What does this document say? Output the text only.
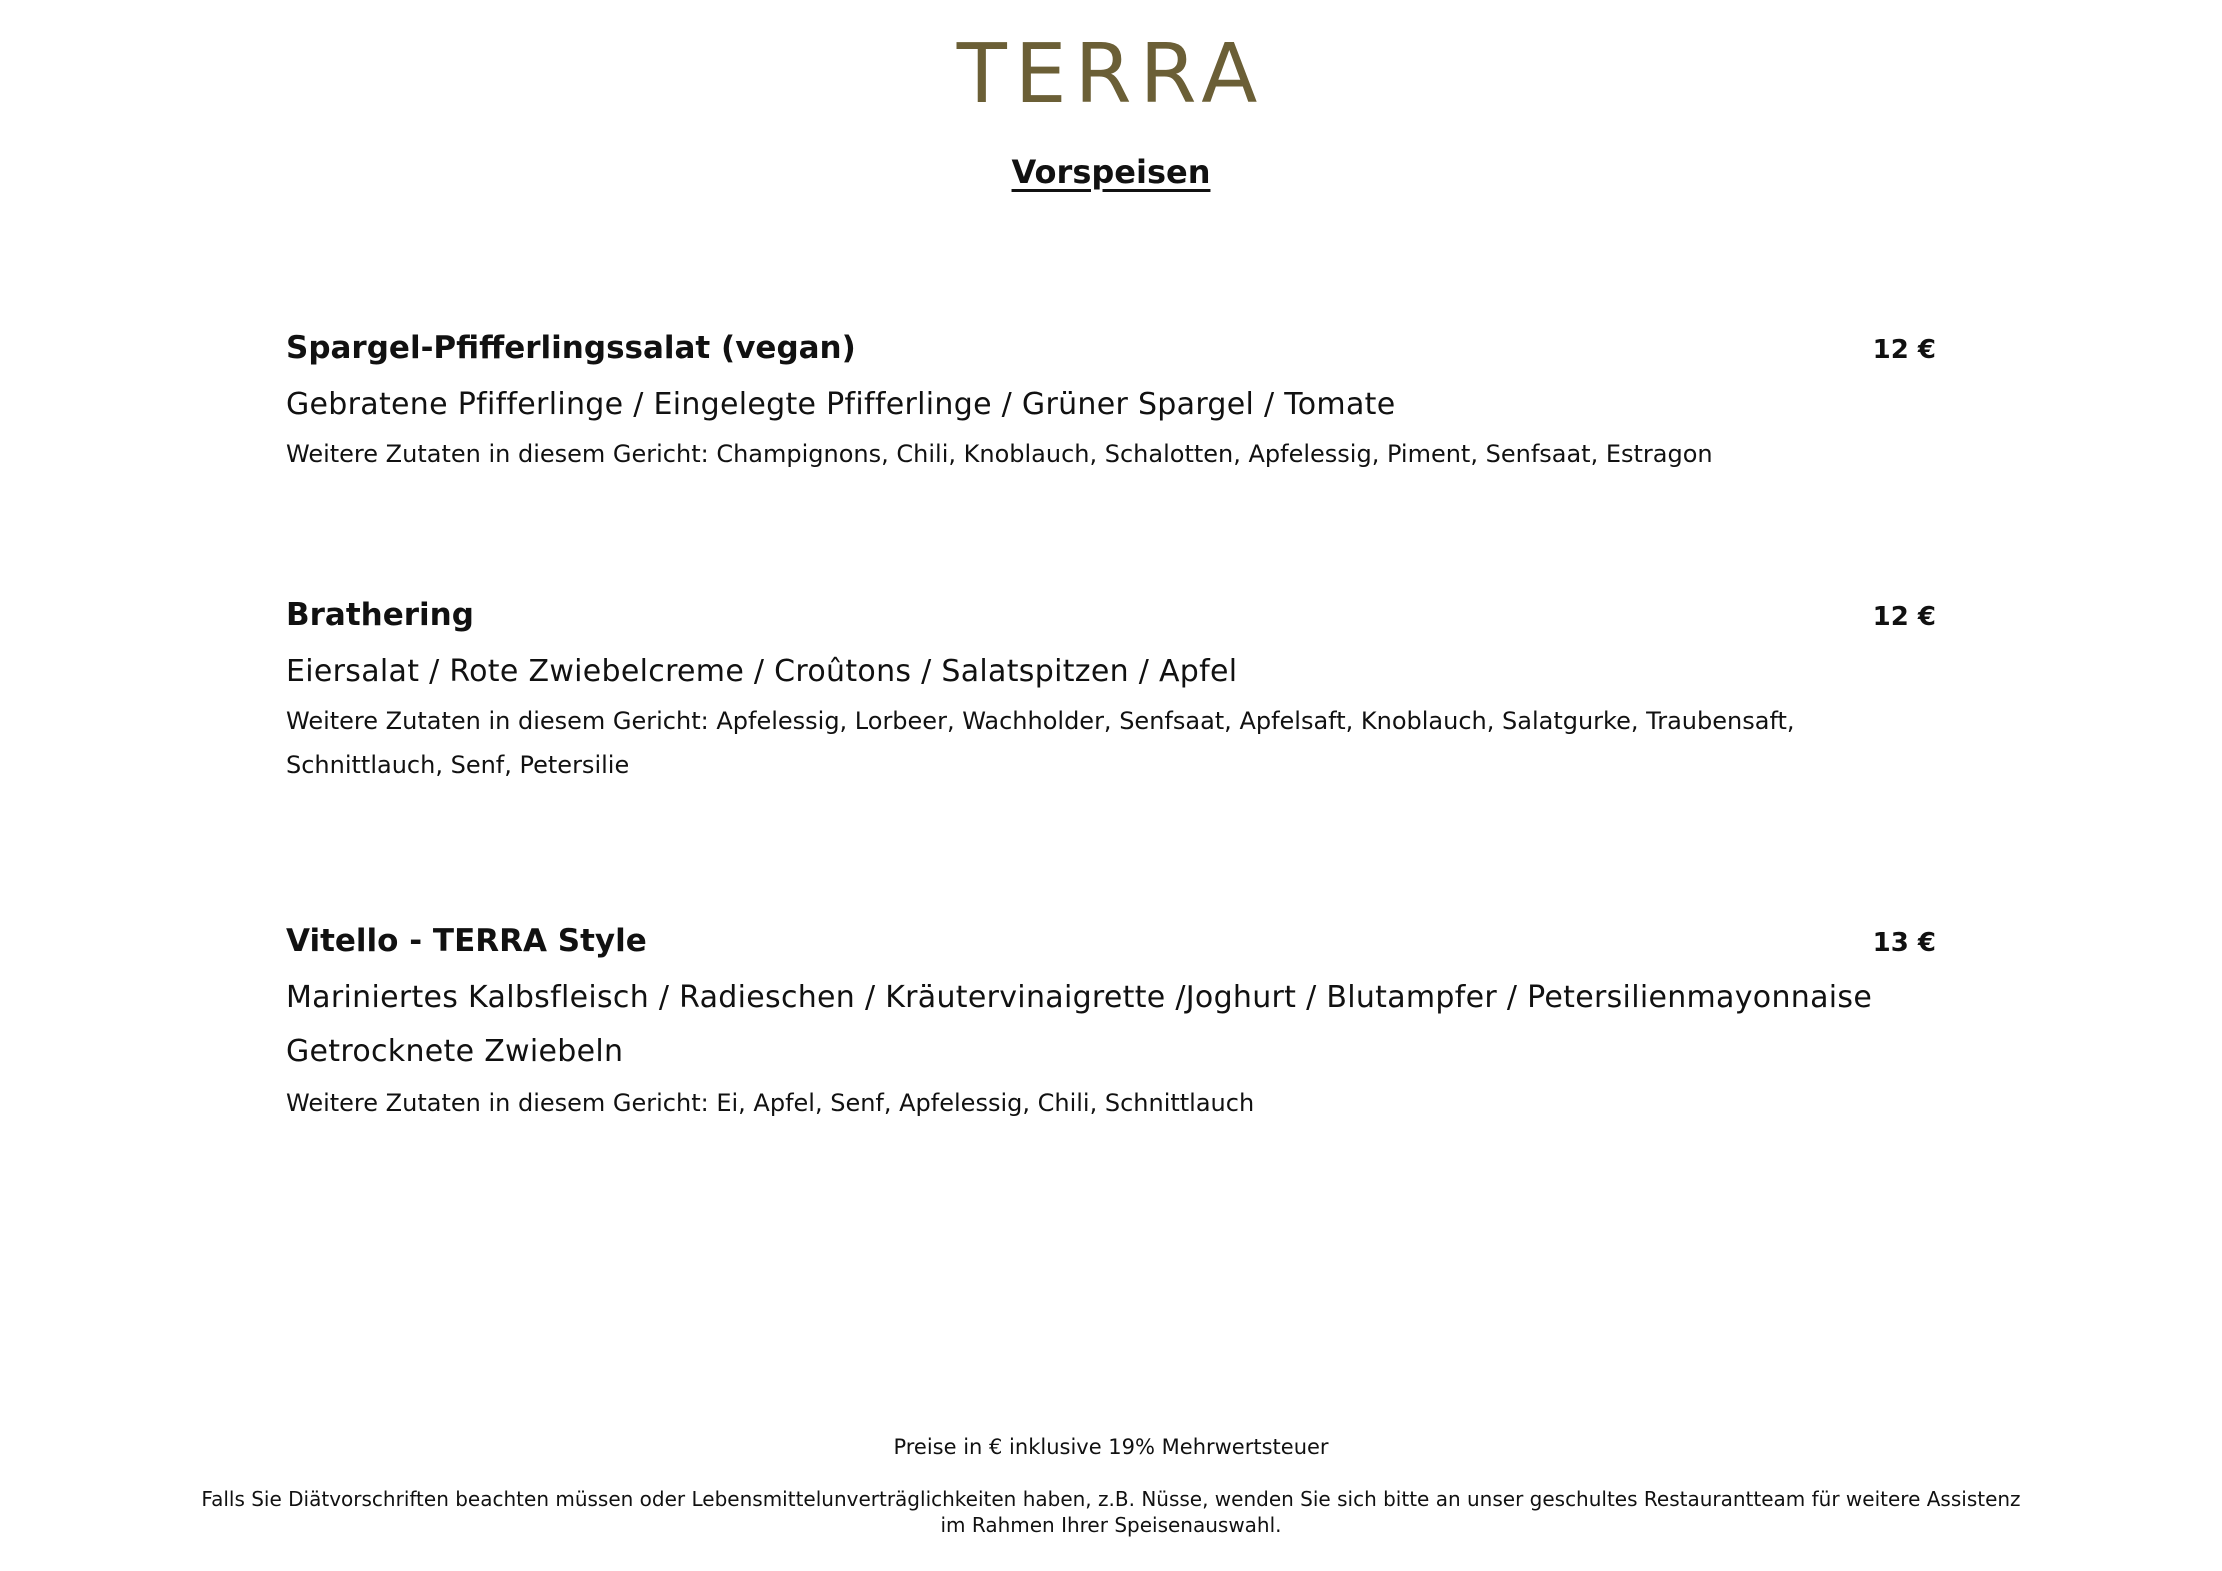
TERRA
Vorspeisen
Spargel-Pfifferlingssalat (vegan)	12 €
Gebratene Pfifferlinge / Eingelegte Pfifferlinge / Grüner Spargel / Tomate
Weitere Zutaten in diesem Gericht: Champignons, Chili, Knoblauch, Schalotten, Apfelessig, Piment, Senfsaat, Estragon
Brathering	12 €
Eiersalat / Rote Zwiebelcreme / Croûtons / Salatspitzen / Apfel
Weitere Zutaten in diesem Gericht: Apfelessig, Lorbeer, Wachholder, Senfsaat, Apfelsaft, Knoblauch, Salatgurke, Traubensaft,
Schnittlauch, Senf, Petersilie
Vitello - TERRA Style	13 €
Mariniertes Kalbsfleisch / Radieschen / Kräutervinaigrette /Joghurt / Blutampfer / Petersilienmayonnaise
Getrocknete Zwiebeln
Weitere Zutaten in diesem Gericht: Ei, Apfel, Senf, Apfelessig, Chili, Schnittlauch
Preise in € inklusive 19% Mehrwertsteuer
Falls Sie Diätvorschriften beachten müssen oder Lebensmittelunverträglichkeiten haben, z.B. Nüsse, wenden Sie sich bitte an unser geschultes Restaurantteam für weitere Assistenz
im Rahmen Ihrer Speisenauswahl.
